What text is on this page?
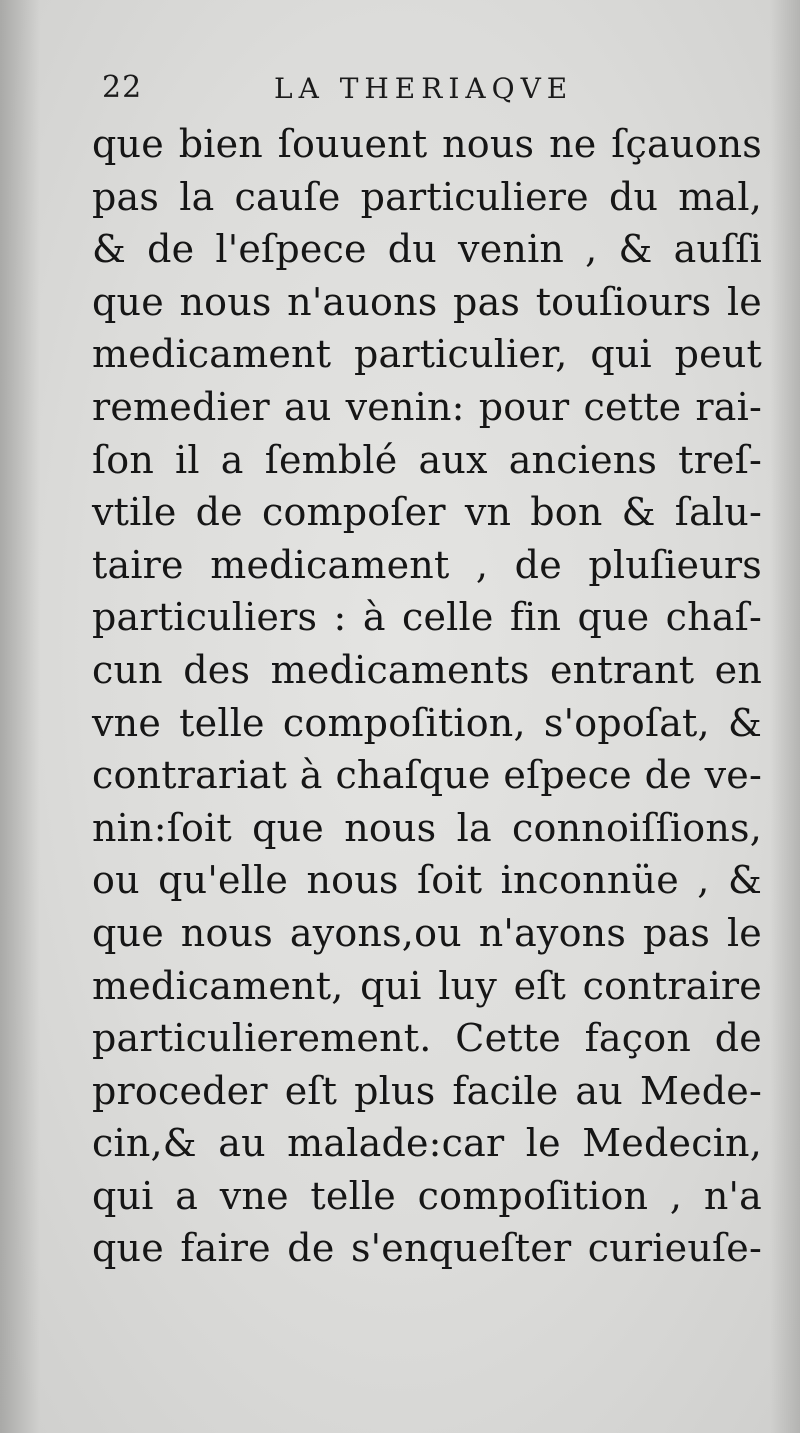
22	LA THERIAQVE
que bien ſouuent nous ne ſçauons
pas la cauſe particuliere du mal,
& de l'eſpece du venin , & auſſi
que nous n'auons pas touſiours le
medicament particulier, qui peut
remedier au venin: pour cette rai-
ſon il a ſemblé aux anciens treſ-
vtile de compoſer vn bon & ſalu-
taire medicament , de pluſieurs
particuliers : à celle fin que chaſ-
cun des medicaments entrant en
vne telle compoſition, s'opoſat, &
contrariat à chaſque eſpece de ve-
nin:ſoit que nous la connoiſſions,
ou qu'elle nous ſoit inconnüe , &
que nous ayons,ou n'ayons pas le
medicament, qui luy eſt contraire
particulierement. Cette façon de
proceder eſt plus facile au Mede-
cin,& au malade:car le Medecin,
qui a vne telle compoſition , n'a
que faire de s'enqueſter curieuſe-
